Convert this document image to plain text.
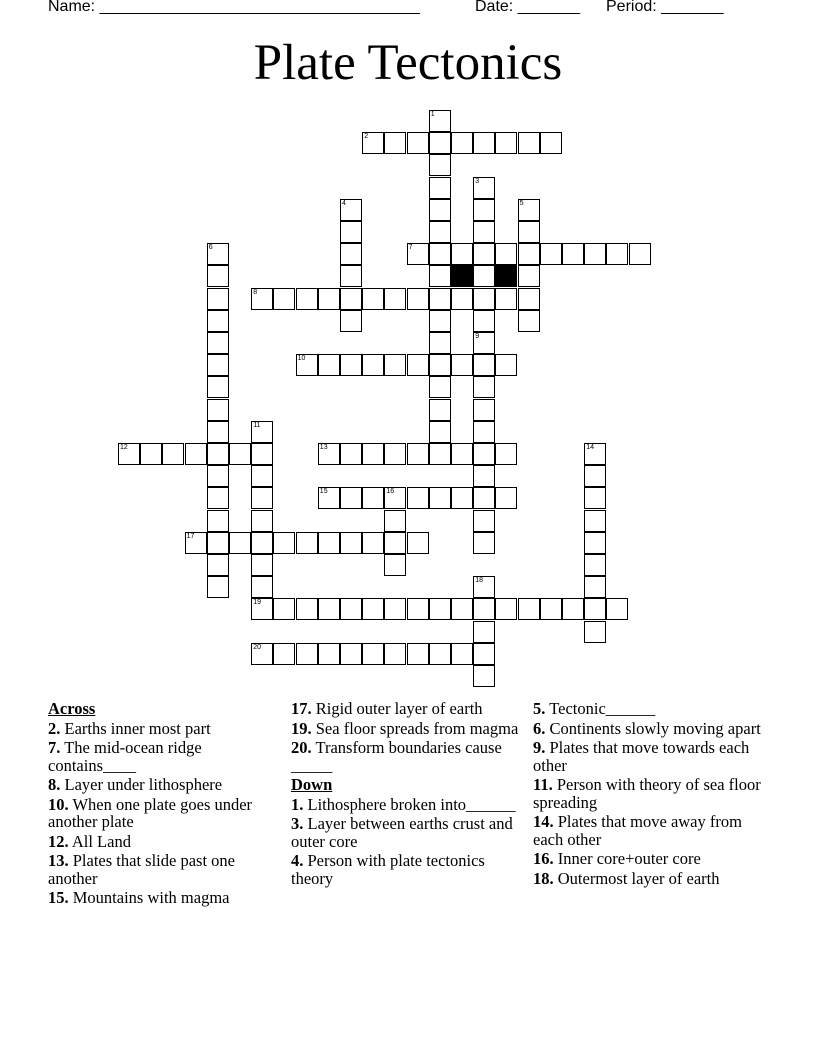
Name: ____________________________________	Date: _______ Period: _______
Plate Tectonics
2
7
8
10
12	13
15	16
17
19
20
1
3
4	5
6
9
11
14
18
Across
2. Earths inner most part
7. The mid-ocean ridge contains____
8. Layer under lithosphere
10. When one plate goes under another plate
12. All Land
13. Plates that slide past one another
15. Mountains with magma
17. Rigid outer layer of earth
19. Sea floor spreads from magma
20. Transform boundaries cause _____
Down
1. Lithosphere broken into______
3. Layer between earths crust and outer core
4. Person with plate tectonics theory
5. Tectonic______
6. Continents slowly moving apart
9. Plates that move towards each other
11. Person with theory of sea floor spreading
14. Plates that move away from each other
16. Inner core+outer core
18. Outermost layer of earth
